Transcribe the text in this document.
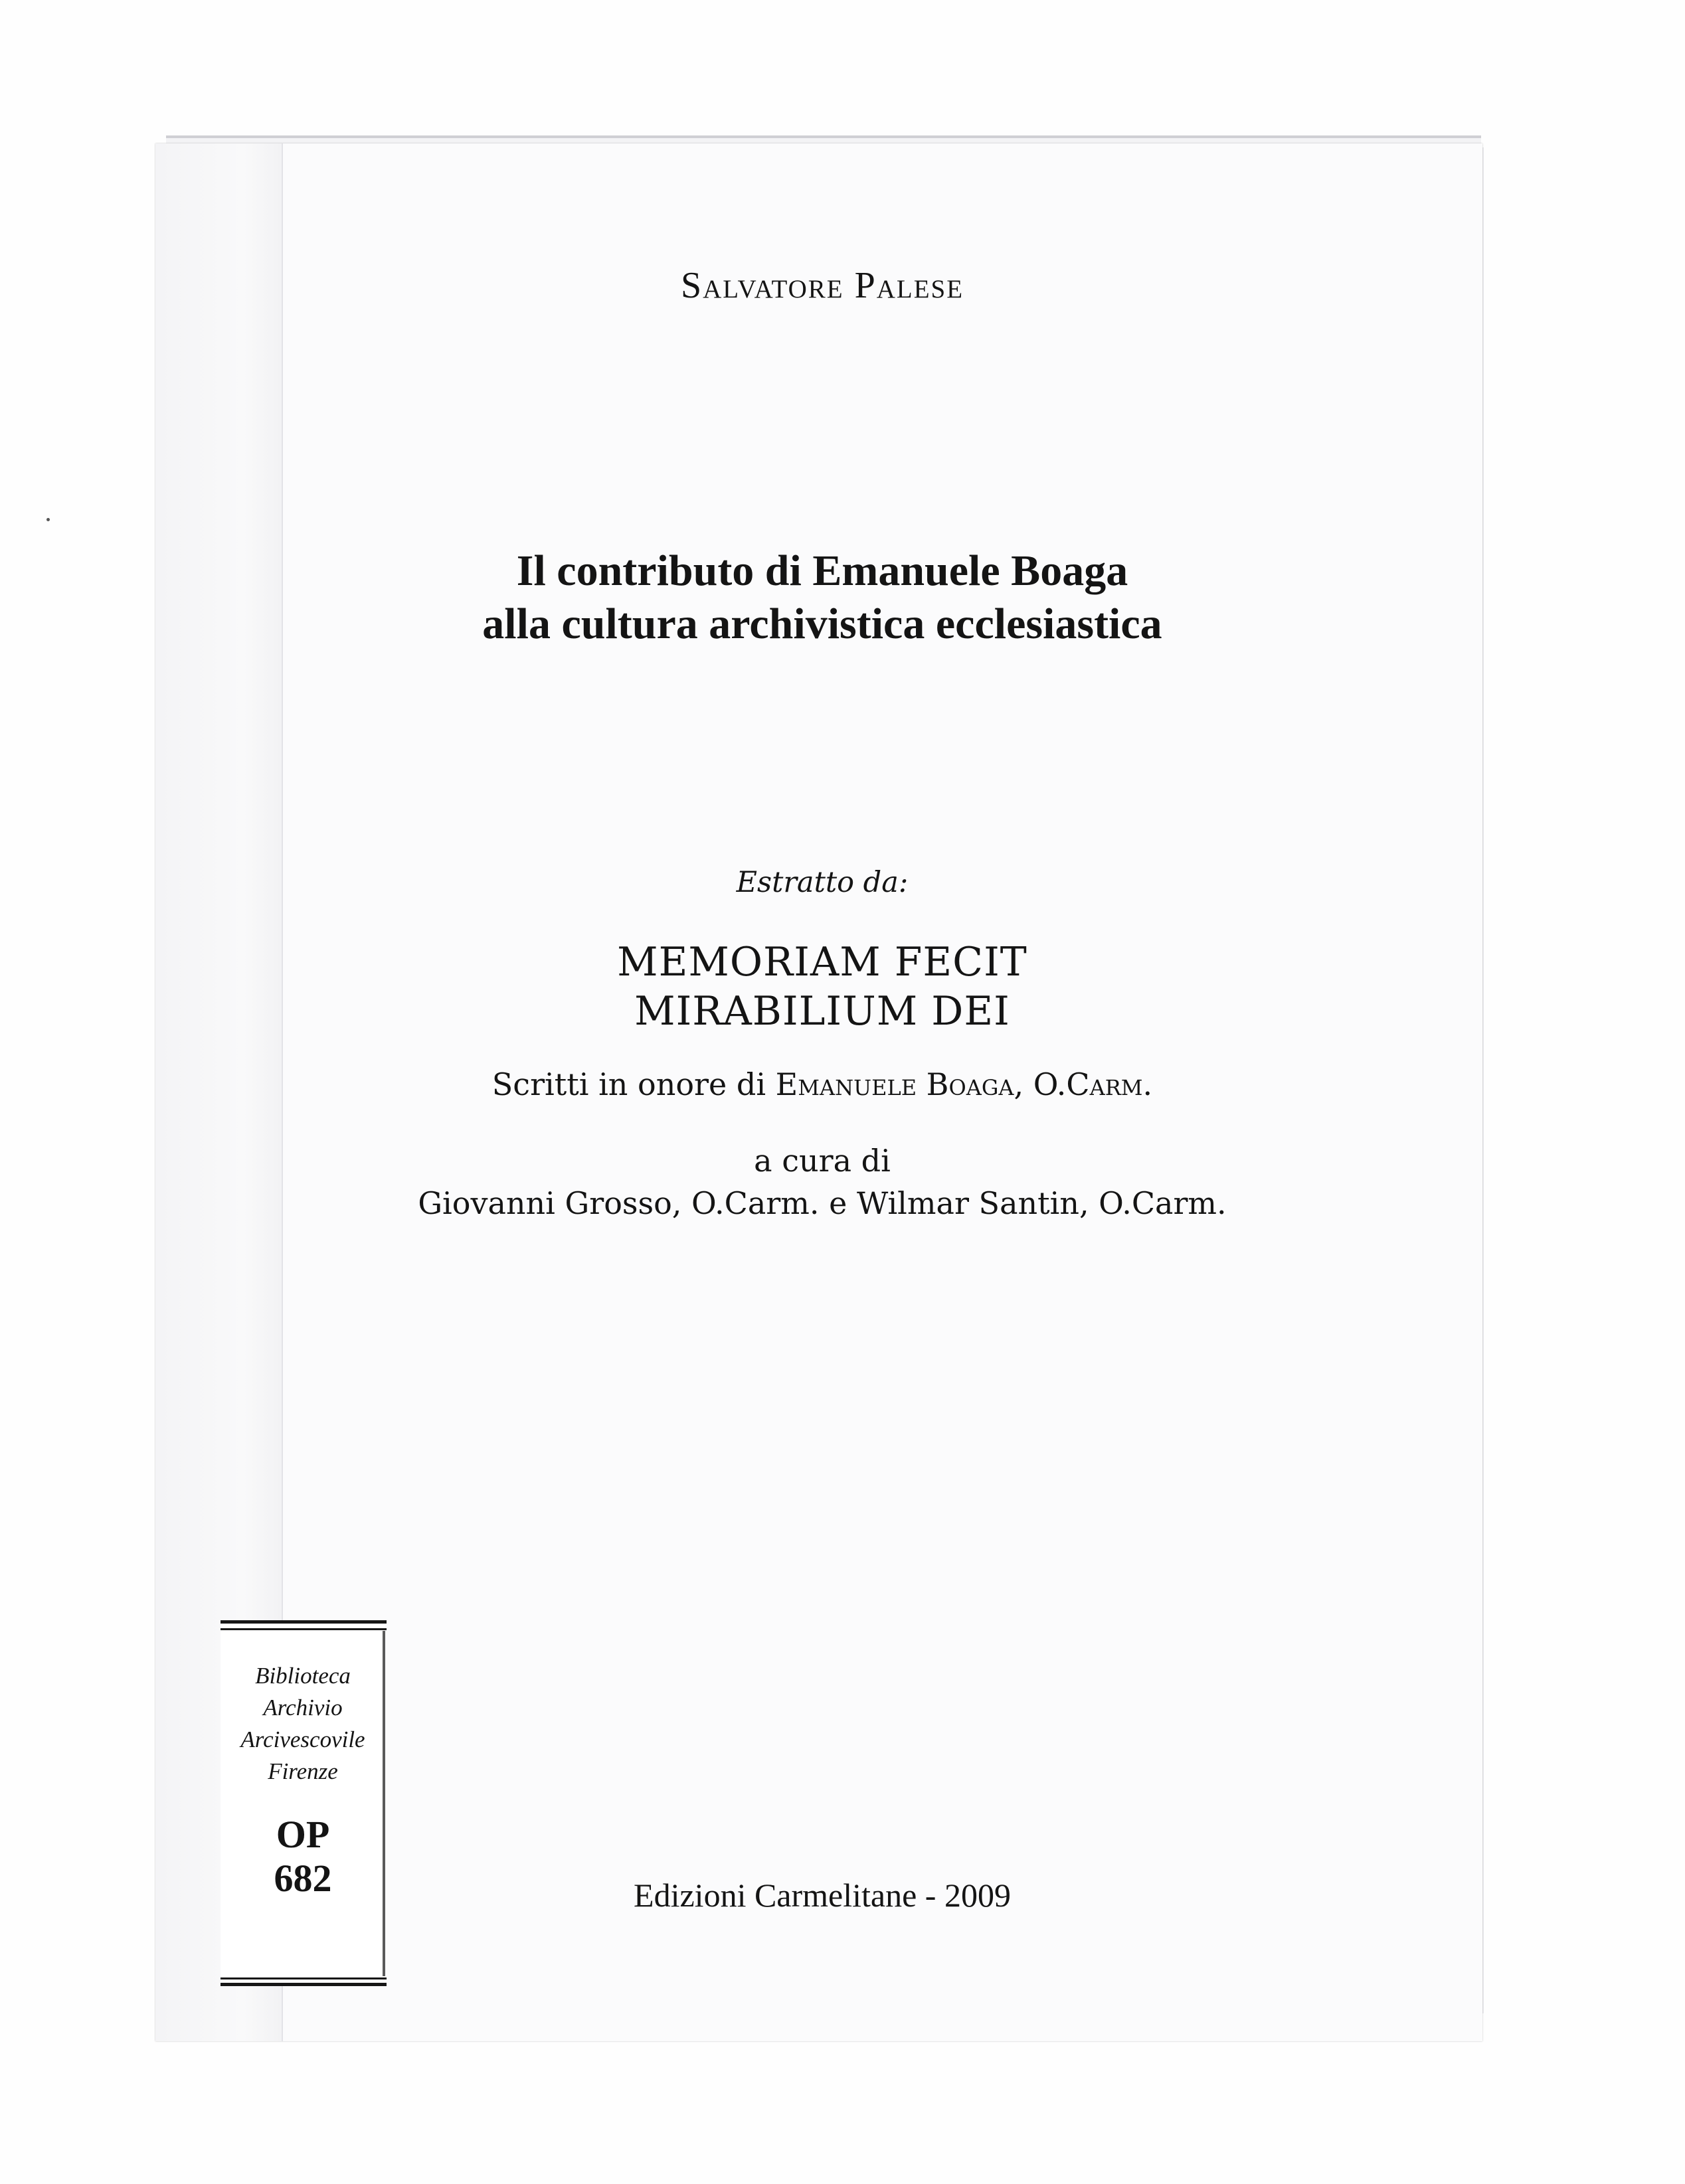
Salvatore Palese
Il contributo di Emanuele Boaga
alla cultura archivistica ecclesiastica
Estratto da:
MEMORIAM FECIT
MIRABILIUM DEI
Scritti in onore di Emanuele Boaga, O.Carm.
a cura di
Giovanni Grosso, O.Carm. e Wilmar Santin, O.Carm.
Edizioni Carmelitane - 2009
Biblioteca
Archivio
Arcivescovile
Firenze
OP
682
